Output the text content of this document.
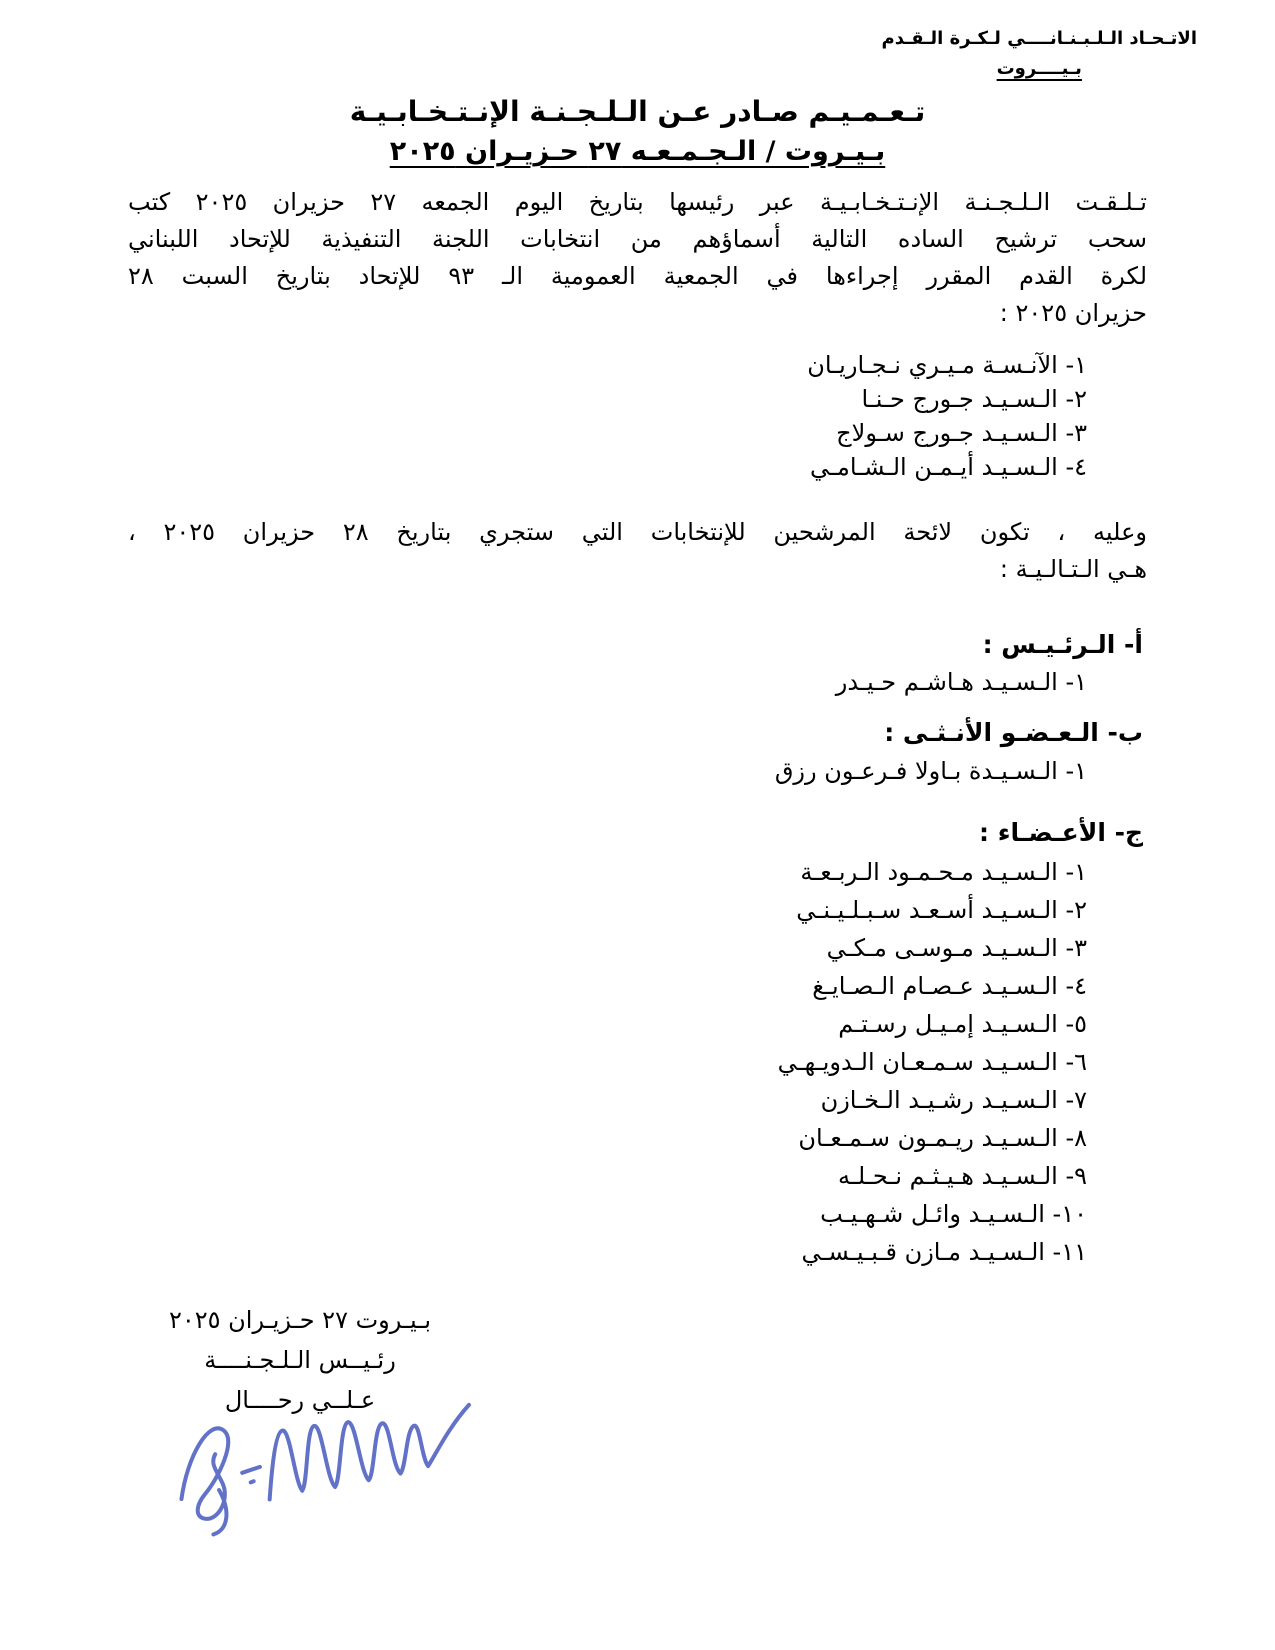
الاتـحـاد الـلـبـنـانــــي لـكـرة الـقـدم
بـيــــروت
تـعـمـيـم صـادر عـن الـلـجـنـة الإنـتـخـابـيـة
بـيـروت / الـجـمـعـه ٢٧ حـزيـران ٢٠٢٥
تـلـقـت الـلـجـنـة الإنـتـخـابـيـة عبر رئيسها بتاريخ اليوم الجمعه ٢٧ حزيران ٢٠٢٥ كتب
سحب ترشيح الساده التالية أسماؤهم من انتخابات اللجنة التنفيذية للإتحاد اللبناني
لكرة القدم المقرر إجراءها في الجمعية العمومية الـ ٩٣ للإتحاد بتاريخ السبت ٢٨
حزيران ٢٠٢٥ :
١- الآنـسـة مـيـري نـجـاريـان
٢- الـسـيـد جـورج حـنـا
٣- الـسـيـد جـورج سـولاج
٤- الـسـيـد أيـمـن الـشـامـي
وعليه ، تكون لائحة المرشحين للإنتخابات التي ستجري بتاريخ ٢٨ حزيران ٢٠٢٥ ،
هـي الـتـالـيـة :
أ- الـرئـيـس :
١- الـسـيـد هـاشـم حـيـدر
ب- الـعـضـو الأنـثـى :
١- الـسـيـدة بـاولا فـرعـون رزق
ج- الأعـضـاء :
١- الـسـيـد مـحـمـود الـربـعـة
٢- الـسـيـد أسـعـد سـبـلـيـنـي
٣- الـسـيـد مـوسـى مـكـي
٤- الـسـيـد عـصـام الـصـايـغ
٥- الـسـيـد إمـيـل رسـتـم
٦- الـسـيـد سـمـعـان الـدويـهـي
٧- الـسـيـد رشـيـد الـخـازن
٨- الـسـيـد ريـمـون سـمـعـان
٩- الـسـيـد هـيـثـم نـحـلـه
١٠- الـسـيـد وائـل شـهـيـب
١١- الـسـيـد مـازن قـبـيـسـي
بـيـروت ٢٧ حـزيـران ٢٠٢٥
رئـيــس الـلـجـنــــة
عـلــي رحــــال
